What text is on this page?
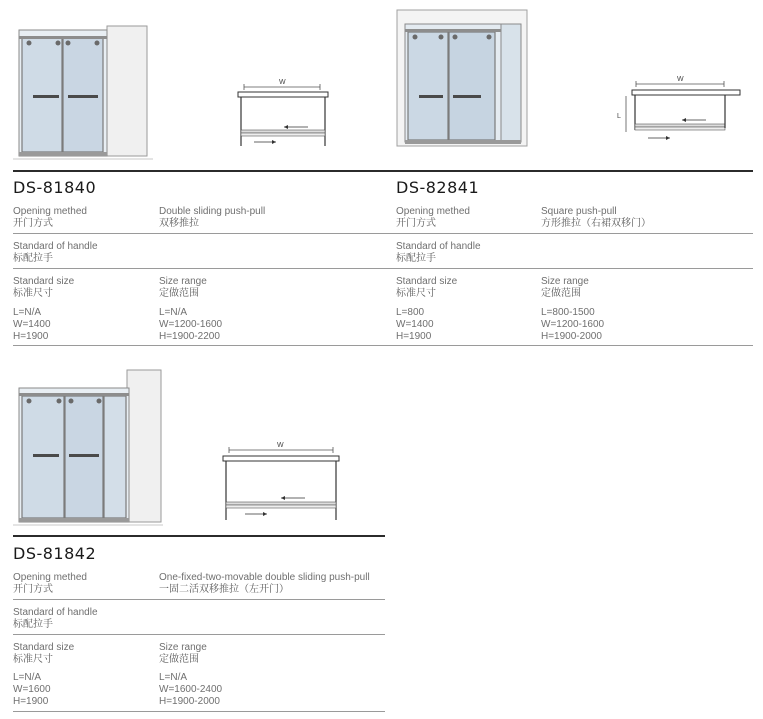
W
DS-81840
Opening methed
开门方式
Double sliding push-pull
双移推拉
Standard of handle
标配拉手
Standard size
标准尺寸
Size range
定做范围
L=N/A
W=1400
H=1900
L=N/A
W=1200-1600
H=1900-2200
W
L
DS-82841
Opening methed
开门方式
Square push-pull
方形推拉（右裙双移门）
Standard of handle
标配拉手
Standard size
标准尺寸
Size range
定做范围
L=800
W=1400
H=1900
L=800-1500
W=1200-1600
H=1900-2000
W
DS-81842
Opening methed
开门方式
One-fixed-two-movable double sliding push-pull
一固二活双移推拉（左开门）
Standard of handle
标配拉手
Standard size
标准尺寸
Size range
定做范围
L=N/A
W=1600
H=1900
L=N/A
W=1600-2400
H=1900-2000
